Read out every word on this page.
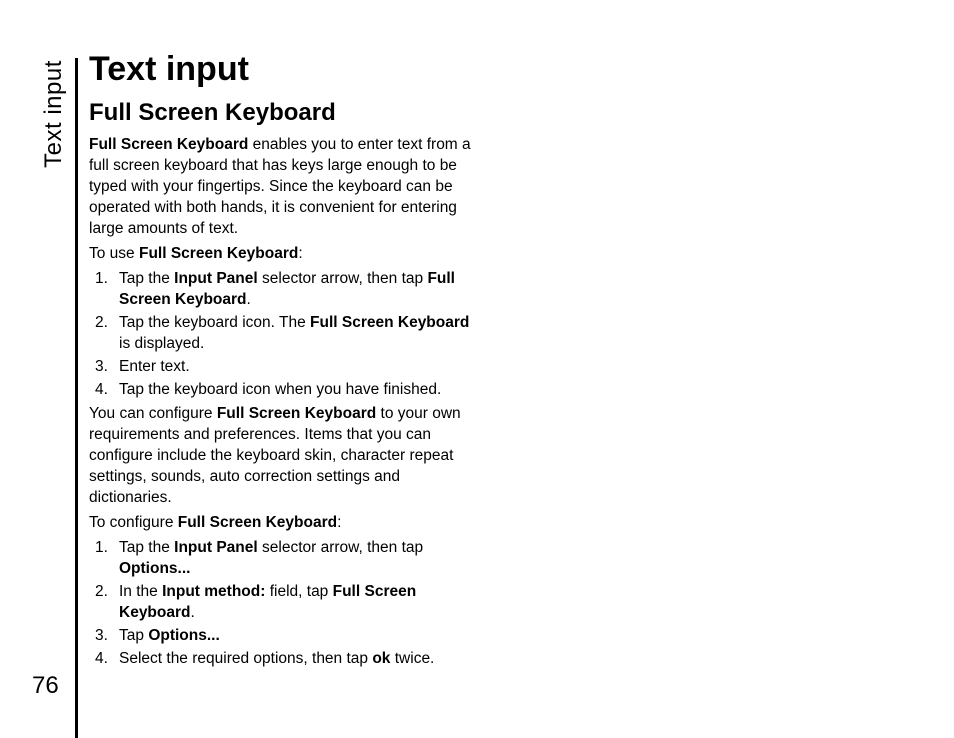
Text input
76
Text input
Full Screen Keyboard

Full Screen Keyboard enables you to enter text from a full screen keyboard that has keys large enough to be typed with your fingertips. Since the keyboard can be operated with both hands, it is convenient for entering large amounts of text.

To use Full Screen Keyboard:

1. Tap the Input Panel selector arrow, then tap Full Screen Keyboard.
2. Tap the keyboard icon. The Full Screen Keyboard is displayed.
3. Enter text.
4. Tap the keyboard icon when you have finished.

You can configure Full Screen Keyboard to your own requirements and preferences. Items that you can configure include the keyboard skin, character repeat settings, sounds, auto correction settings and dictionaries.

To configure Full Screen Keyboard:

1. Tap the Input Panel selector arrow, then tap Options...
2. In the Input method: field, tap Full Screen Keyboard.
3. Tap Options...
4. Select the required options, then tap ok twice.
